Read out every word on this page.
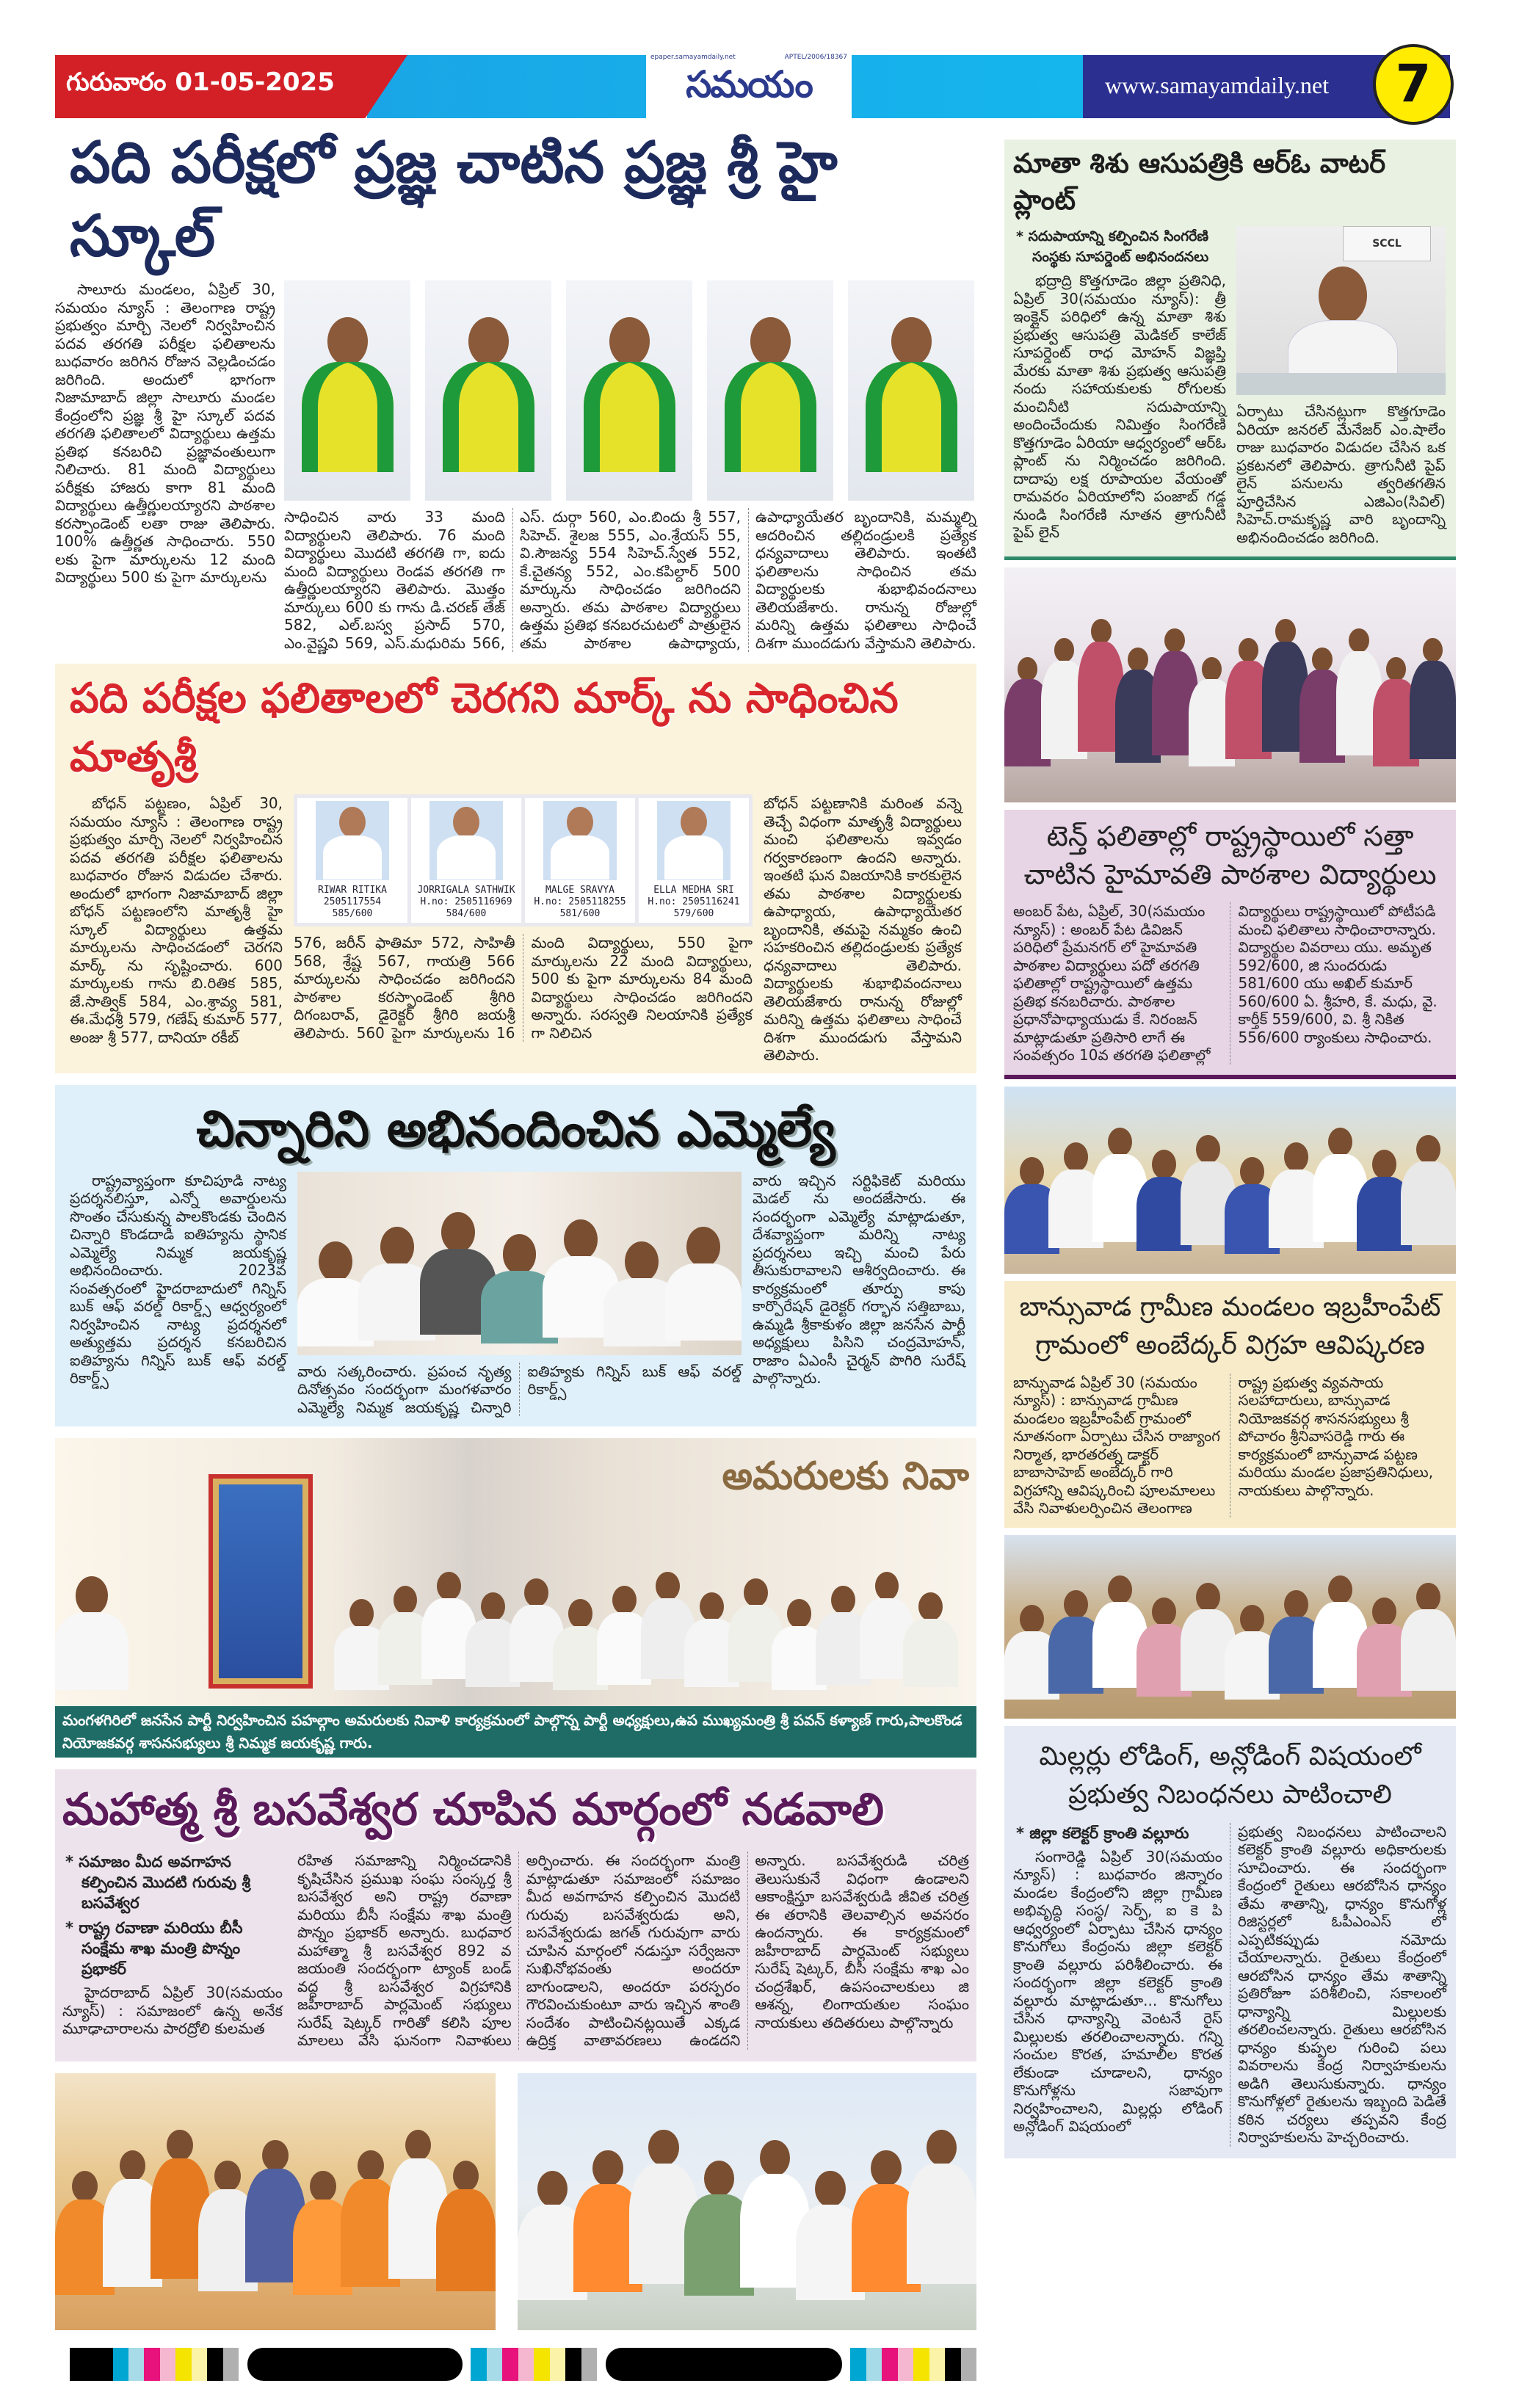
గురువారం 01-05-2025
epaper.samayamdaily.net	APTEL/2006/18367
సమయం	www.samayamdaily.net	7
పది పరీక్షలో ప్రజ్ఞ చాటిన ప్రజ్ఞ శ్రీ హై స్కూల్
సాలూరు మండలం, ఏప్రిల్ 30, సమయం న్యూస్ : తెలంగాణ రాష్ట్ర ప్రభుత్వం మార్చి నెలలో నిర్వహించిన పదవ తరగతి పరీక్షల ఫలితాలను బుధవారం జరిగిన రోజున వెల్లడించడం జరిగింది. అందులో భాగంగా నిజామాబాద్ జిల్లా సాలూరు మండల కేంద్రంలోని ప్రజ్ఞ శ్రీ హై స్కూల్ పదవ తరగతి ఫలితాలలో విద్యార్థులు ఉత్తమ ప్రతిభ కనబరిచి ప్రజ్ఞావంతులుగా నిలిచారు. 81 మంది విద్యార్థులు పరీక్షకు హాజరు కాగా 81 మంది విద్యార్థులు ఉత్తీర్ణులయ్యారని పాఠశాల కరస్పాండెంట్ లతా రాజు తెలిపారు. 100% ఉత్తీర్ణత సాధించారు. 550 లకు పైగా మార్కులను 12 మంది విద్యార్థులు 500 కు పైగా మార్కులను
సాధించిన వారు 33 మంది విద్యార్థులని తెలిపారు. 76 మంది విద్యార్థులు మొదటి తరగతి గా, ఐదు మంది విద్యార్థులు రెండవ తరగతి గా ఉత్తీర్ణులయ్యారని తెలిపారు. మొత్తం మార్కులు 600 కు గాను డి.చరణ్ తేజ్ 582, ఎల్.బస్వ ప్రసాద్ 570, ఎం.వైష్ణవి 569, ఎస్.మధురిమ 566, ఎస్. దుర్గా 560, ఎం.బిందు శ్రీ 557, సిహెచ్. శైలజ 555, ఎం.శ్రేయస్ 55, వి.సౌజన్య 554 సిహెచ్.స్వేత 552, కే.చైతన్య 552, ఎం.కపిల్దార్ 500 మార్కును సాధించడం జరిగిందని అన్నారు. తమ పాఠశాల విద్యార్థులు ఉత్తమ ప్రతిభ కనబరచుటలో పాత్రులైన తమ పాఠశాల ఉపాధ్యాయ, ఉపాధ్యాయేతర బృందానికి, మమ్మల్ని ఆదరించిన తల్లిదండ్రులకి ప్రత్యేక ధన్యవాదాలు తెలిపారు. ఇంతటి ఫలితాలను సాధించిన తమ విద్యార్థులకు శుభాభివందనాలు తెలియజేశారు. రానున్న రోజుల్లో మరిన్ని ఉత్తమ ఫలితాలు సాధించే దిశగా ముందడుగు వేస్తామని తెలిపారు.
పది పరీక్షల ఫలితాలలో చెరగని మార్క్ ను సాధించిన మాతృశ్రీ
బోధన్ పట్టణం, ఏప్రిల్ 30, సమయం న్యూస్ : తెలంగాణ రాష్ట్ర ప్రభుత్వం మార్చి నెలలో నిర్వహించిన పదవ తరగతి పరీక్షల ఫలితాలను బుధవారం రోజున విడుదల చేశారు. అందులో భాగంగా నిజామాబాద్ జిల్లా బోధన్ పట్టణంలోని మాతృశ్రీ హై స్కూల్ విద్యార్థులు ఉత్తమ మార్కులను సాధించడంలో చెరగని మార్క్ ను సృష్టించారు. 600 మార్కులకు గాను బి.రితిక 585, జే.సాత్విక్ 584, ఎం.శ్రావ్య 581, ఈ.మేధశ్రీ 579, గణేష్ కుమార్ 577, అంజు శ్రీ 577, దానియా రకీబ్
RIWAR RITIKA
2505117554
585/600
JORRIGALA SATHWIK
H.no: 2505116969
584/600
MALGE SRAVYA
H.no: 2505118255
581/600
ELLA MEDHA SRI
H.no: 2505116241
579/600
576, జరీన్ ఫాతిమా 572, సాహితీ 568, శ్రేష్ట 567, గాయత్రి 566 మార్కులను సాధించడం జరిగిందని పాఠశాల కరస్పాండెంట్ శ్రీగిరి దిగంబరావ్, డైరెక్టర్ శ్రీగిరి జయశ్రీ తెలిపారు. 560 పైగా మార్కులను 16 మంది విద్యార్థులు, 550 పైగా మార్కులను 22 మంది విద్యార్థులు, 500 కు పైగా మార్కులను 84 మంది విద్యార్థులు సాధించడం జరిగిందని అన్నారు. సరస్వతి నిలయానికి ప్రత్యేక గా నిలిచిన
బోధన్ పట్టణానికి మరింత వన్నె తెచ్చే విధంగా మాతృశ్రీ విద్యార్థులు మంచి ఫలితాలను ఇవ్వడం గర్వకారణంగా ఉందని అన్నారు. ఇంతటి ఘన విజయానికి కారకులైన తమ పాఠశాల విద్యార్థులకు ఉపాధ్యాయ, ఉపాధ్యాయేతర బృందానికి, తమపై నమ్మకం ఉంచి సహకరించిన తల్లిదండ్రులకు ప్రత్యేక ధన్యవాదాలు తెలిపారు. విద్యార్థులకు శుభాభివందనాలు తెలియజేశారు రానున్న రోజుల్లో మరిన్ని ఉత్తమ ఫలితాలు సాధించే దిశగా ముందడుగు వేస్తామని తెలిపారు.
చిన్నారిని అభినందించిన ఎమ్మెల్యే
రాష్ట్రవ్యాప్తంగా కూచిపూడి నాట్య ప్రదర్శనలిస్తూ, ఎన్నో అవార్డులను సొంతం చేసుకున్న పాలకొండకు చెందిన చిన్నారి కొండదాడి ఐతిహ్యను స్థానిక ఎమ్మెల్యే నిమ్మక జయకృష్ణ అభినందించారు. 2023వ సంవత్సరంలో హైదరాబాదులో గిన్నిస్ బుక్ ఆఫ్ వరల్డ్ రికార్డ్స్ ఆధ్వర్యంలో నిర్వహించిన నాట్య ప్రదర్శనలో అత్యుత్తమ ప్రదర్శన కనబరిచిన ఐతిహ్యను గిన్నిస్ బుక్ ఆఫ్ వరల్డ్ రికార్డ్స్	వారు సత్కరించారు. ప్రపంచ నృత్య దినోత్సవం సందర్భంగా మంగళవారం ఎమ్మెల్యే నిమ్మక జయకృష్ణ చిన్నారి ఐతిహ్యకు గిన్నిస్ బుక్ ఆఫ్ వరల్డ్ రికార్డ్స్
వారు ఇచ్చిన సర్టిఫికెట్ మరియు మెడల్ ను అందజేసారు. ఈ సందర్భంగా ఎమ్మెల్యే మాట్లాడుతూ, దేశవ్యాప్తంగా మరిన్ని నాట్య ప్రదర్శనలు ఇచ్చి మంచి పేరు తీసుకురావాలని ఆశీర్వదించారు. ఈ కార్యక్రమంలో తూర్పు కాపు కార్పొరేషన్ డైరెక్టర్ గర్భాన సత్తిబాబు, ఉమ్మడి శ్రీకాకుళం జిల్లా జనసేన పార్టీ అధ్యక్షులు పిసిని చంద్రమోహన్, రాజాం ఏఎంసీ చైర్మన్ పొగిరి సురేష్ పాల్గొన్నారు.
అమరులకు నివా
మంగళగిరిలో జనసేన పార్టీ నిర్వహించిన పహల్గాం అమరులకు నివాళి కార్యక్రమంలో పాల్గొన్న పార్టీ అధ్యక్షులు,ఉప ముఖ్యమంత్రి శ్రీ పవన్ కళ్యాణ్ గారు,పాలకొండ నియోజకవర్గ శాసనసభ్యులు శ్రీ నిమ్మక జయకృష్ణ గారు.
మహాత్మ శ్రీ బసవేశ్వర చూపిన మార్గంలో నడవాలి
* సమాజం మీద అవగాహన కల్పించిన మొదటి గురువు శ్రీ బసవేశ్వర
* రాష్ట్ర రవాణా మరియు బీసీ సంక్షేమ శాఖ మంత్రి పొన్నం ప్రభాకర్
హైదరాబాద్ ఏప్రిల్ 30(సమయం న్యూస్) : సమాజంలో ఉన్న అనేక మూఢాచారాలను పారద్రోలి కులమత
రహిత సమాజాన్ని నిర్మించడానికి కృషిచేసిన ప్రముఖ సంఘ సంస్కర్త శ్రీ బసవేశ్వర అని రాష్ట్ర రవాణా మరియు బీసీ సంక్షేమ శాఖ మంత్రి పొన్నం ప్రభాకర్ అన్నారు. బుధవార మహాత్మా శ్రీ బసవేశ్వర 892 వ జయంతి సందర్భంగా ట్యాంక్ బండ్ వద్ద శ్రీ బసవేశ్వర విగ్రహానికి జహీరాబాద్ పార్లమెంట్ సభ్యులు సురేష్ షెట్కర్ గారితో కలిసి పూల మాలలు వేసి ఘనంగా నివాళులు అర్పించారు. ఈ సందర్భంగా మంత్రి మాట్లాడుతూ సమాజంలో సమాజం మీద అవగాహన కల్పించిన మొదటి గురువు బసవేశ్వరుడు అని, బసవేశ్వరుడు జగత్ గురువుగా వారు చూపిన మార్గంలో నడుస్తూ సర్వేజనా సుఖినోభవంతు అందరూ బాగుండాలని, అందరూ పరస్పరం గౌరవించుకుంటూ వారు ఇచ్చిన శాంతి సందేశం పాటించినట్లయితే ఎక్కడ ఉద్రిక్త వాతావరణలు ఉండదని అన్నారు. బసవేశ్వరుడి చరిత్ర తెలుసుకునే విధంగా ఉండాలని ఆకాంక్షిస్తూ బసవేశ్వరుడి జీవిత చరిత్ర ఈ తరానికి తెలవాల్సిన అవసరం ఉందన్నారు. ఈ కార్యక్రమంలో జహీరాబాద్ పార్లమెంట్ సభ్యులు సురేష్ షెట్కర్, బీసీ సంక్షేమ శాఖ ఎం చంద్రశేఖర్, ఉపసంచాలకులు జి ఆశన్న, లింగాయతుల సంఘం నాయకులు తదితరులు పాల్గొన్నారు
మాతా శిశు ఆసుపత్రికి ఆర్ఓ వాటర్ ప్లాంట్
* సదుపాయాన్ని కల్పించిన సింగరేణి సంస్థకు సూపర్డెంట్ అభినందనలు
భద్రాద్రి కొత్తగూడెం జిల్లా ప్రతినిధి, ఏప్రిల్ 30(సమయం న్యూస్): త్రీ ఇంక్లైన్ పరిధిలో ఉన్న మాతా శిశు ప్రభుత్వ ఆసుపత్రి మెడికల్ కాలేజ్ సూపర్డెంట్ రాధ మోహన్ విజ్ఞప్తి మేరకు మాతా శిశు ప్రభుత్వ ఆసుపత్రి నందు సహాయకులకు రోగులకు మంచినీటి సదుపాయాన్ని అందించేందుకు నిమిత్తం సింగరేణి కొత్తగూడెం ఏరియా ఆధ్వర్యంలో ఆర్ఓ ప్లాంట్ ను నిర్మించడం జరిగింది. దాదాపు లక్ష రూపాయల వేయంతో రామవరం ఏరియాలోని పంజాబ్ గడ్డ నుండి సింగరేణి నూతన త్రాగునీటి పైప్ లైన్
SCCL
ఏర్పాటు చేసినట్లుగా కొత్తగూడెం ఏరియా జనరల్ మేనేజర్ ఎం.షాలేం రాజు బుధవారం విడుదల చేసిన ఒక ప్రకటనలో తెలిపారు. త్రాగునీటి పైప్ లైన్ పనులను త్వరితగతిన పూర్తిచేసిన ఎజిఎం(సివిల్) సిహెచ్.రామకృష్ణ వారి బృందాన్ని అభినందించడం జరిగింది.
టెన్త్ ఫలితాల్లో రాష్ట్రస్థాయిలో సత్తా చాటిన హైమావతి పాఠశాల విద్యార్థులు
అంబర్ పేట, ఏప్రిల్, 30(సమయం న్యూస్) : అంబర్ పేట డివిజన్ పరిధిలో ప్రేమనగర్ లో హైమావతి పాఠశాల విద్యార్థులు పదో తరగతి ఫలితాల్లో రాష్ట్రస్థాయిలో ఉత్తమ ప్రతిభ కనబరిచారు. పాఠశాల ప్రధానోపాధ్యాయుడు కే. నిరంజన్ మాట్లాడుతూ ప్రతిసారి లాగే ఈ సంవత్సరం 10వ తరగతి ఫలితాల్లో విద్యార్థులు రాష్ట్రస్థాయిలో పోటీపడి మంచి ఫలితాలు సాధించారాన్నారు. విద్యార్థుల వివరాలు యు. అమృత 592/600, జి సుందరుడు 581/600 యు అఖిల్ కుమార్ 560/600 ఏ. శ్రీహరి, కే. మధు, వై. కార్తీక్ 559/600, వి. శ్రీ నికిత 556/600 ర్యాంకులు సాధించారు.
బాన్సువాడ గ్రామీణ మండలం ఇబ్రహీంపేట్ గ్రామంలో అంబేద్కర్ విగ్రహ ఆవిష్కరణ
బాన్సువాడ ఏప్రిల్ 30 (సమయం న్యూస్) : బాన్సువాడ గ్రామీణ మండలం ఇబ్రహీంపేట్ గ్రామంలో నూతనంగా ఏర్పాటు చేసిన రాజ్యాంగ నిర్మాత, భారతరత్న డాక్టర్ బాబాసాహెబ్ అంబేద్కర్ గారి విగ్రహాన్ని ఆవిష్కరించి పూలమాలలు వేసి నివాళులర్పించిన తెలంగాణ రాష్ట్ర ప్రభుత్వ వ్యవసాయ సలహాదారులు, బాన్సువాడ నియోజకవర్గ శాసనసభ్యులు శ్రీ పోచారం శ్రీనివాసరెడ్డి గారు ఈ కార్యక్రమంలో బాన్సువాడ పట్టణ మరియు మండల ప్రజాప్రతినిధులు, నాయకులు పాల్గొన్నారు.
మిల్లర్లు లోడింగ్, అన్లోడింగ్ విషయంలో ప్రభుత్వ నిబంధనలు పాటించాలి
* జిల్లా కలెక్టర్ క్రాంతి వల్లూరు
సంగారెడ్డి ఏప్రిల్ 30(సమయం న్యూస్) : బుధవారం జిన్నారం మండల కేంద్రంలోని జిల్లా గ్రామీణ అభివృద్ధి సంస్థ/ సెర్ఫ్, ఐ కె పి ఆధ్వర్యంలో ఏర్పాటు చేసిన ధాన్యం కొనుగోలు కేంద్రంను జిల్లా కలెక్టర్ క్రాంతి వల్లూరు పరిశీలించారు. ఈ సందర్భంగా జిల్లా కలెక్టర్ క్రాంతి వల్లూరు మాట్లాడుతూ... కొనుగోలు చేసిన ధాన్యాన్ని వెంటనే రైస్ మిల్లులకు తరలించాలన్నారు. గన్ని సంచుల కొరత, హమాలీల కొరత లేకుండా చూడాలని, ధాన్యం కొనుగోళ్లను సజావుగా నిర్వహించాలని, మిల్లర్లు లోడింగ్ అన్లోడింగ్ విషయంలో
ప్రభుత్వ నిబంధనలు పాటించాలని కలెక్టర్ క్రాంతి వల్లూరు అధికారులకు సూచించారు. ఈ సందర్భంగా కేంద్రంలో రైతులు ఆరబోసిన ధాన్యం తేమ శాతాన్ని, ధాన్యం కొనుగోళ్ల రిజిస్టర్లలో ఓపీఎంఎస్ లో ఎప్పటికప్పుడు నమోదు చేయాలన్నారు. రైతులు కేంద్రంలో ఆరబోసిన ధాన్యం తేమ శాతాన్ని ప్రతిరోజూ పరిశీలించి, సకాలంలో ధాన్యాన్ని మిల్లులకు తరలించలన్నారు. రైతులు ఆరబోసిన ధాన్యం కుప్పల గురించి పలు వివరాలను కేంద్ర నిర్వాహకులను అడిగి తెలుసుకున్నారు. ధాన్యం కొనుగోళ్లలో రైతులను ఇబ్బంది పెడితే కఠిన చర్యలు తప్పవని కేంద్ర నిర్వాహకులను హెచ్చరించారు.
